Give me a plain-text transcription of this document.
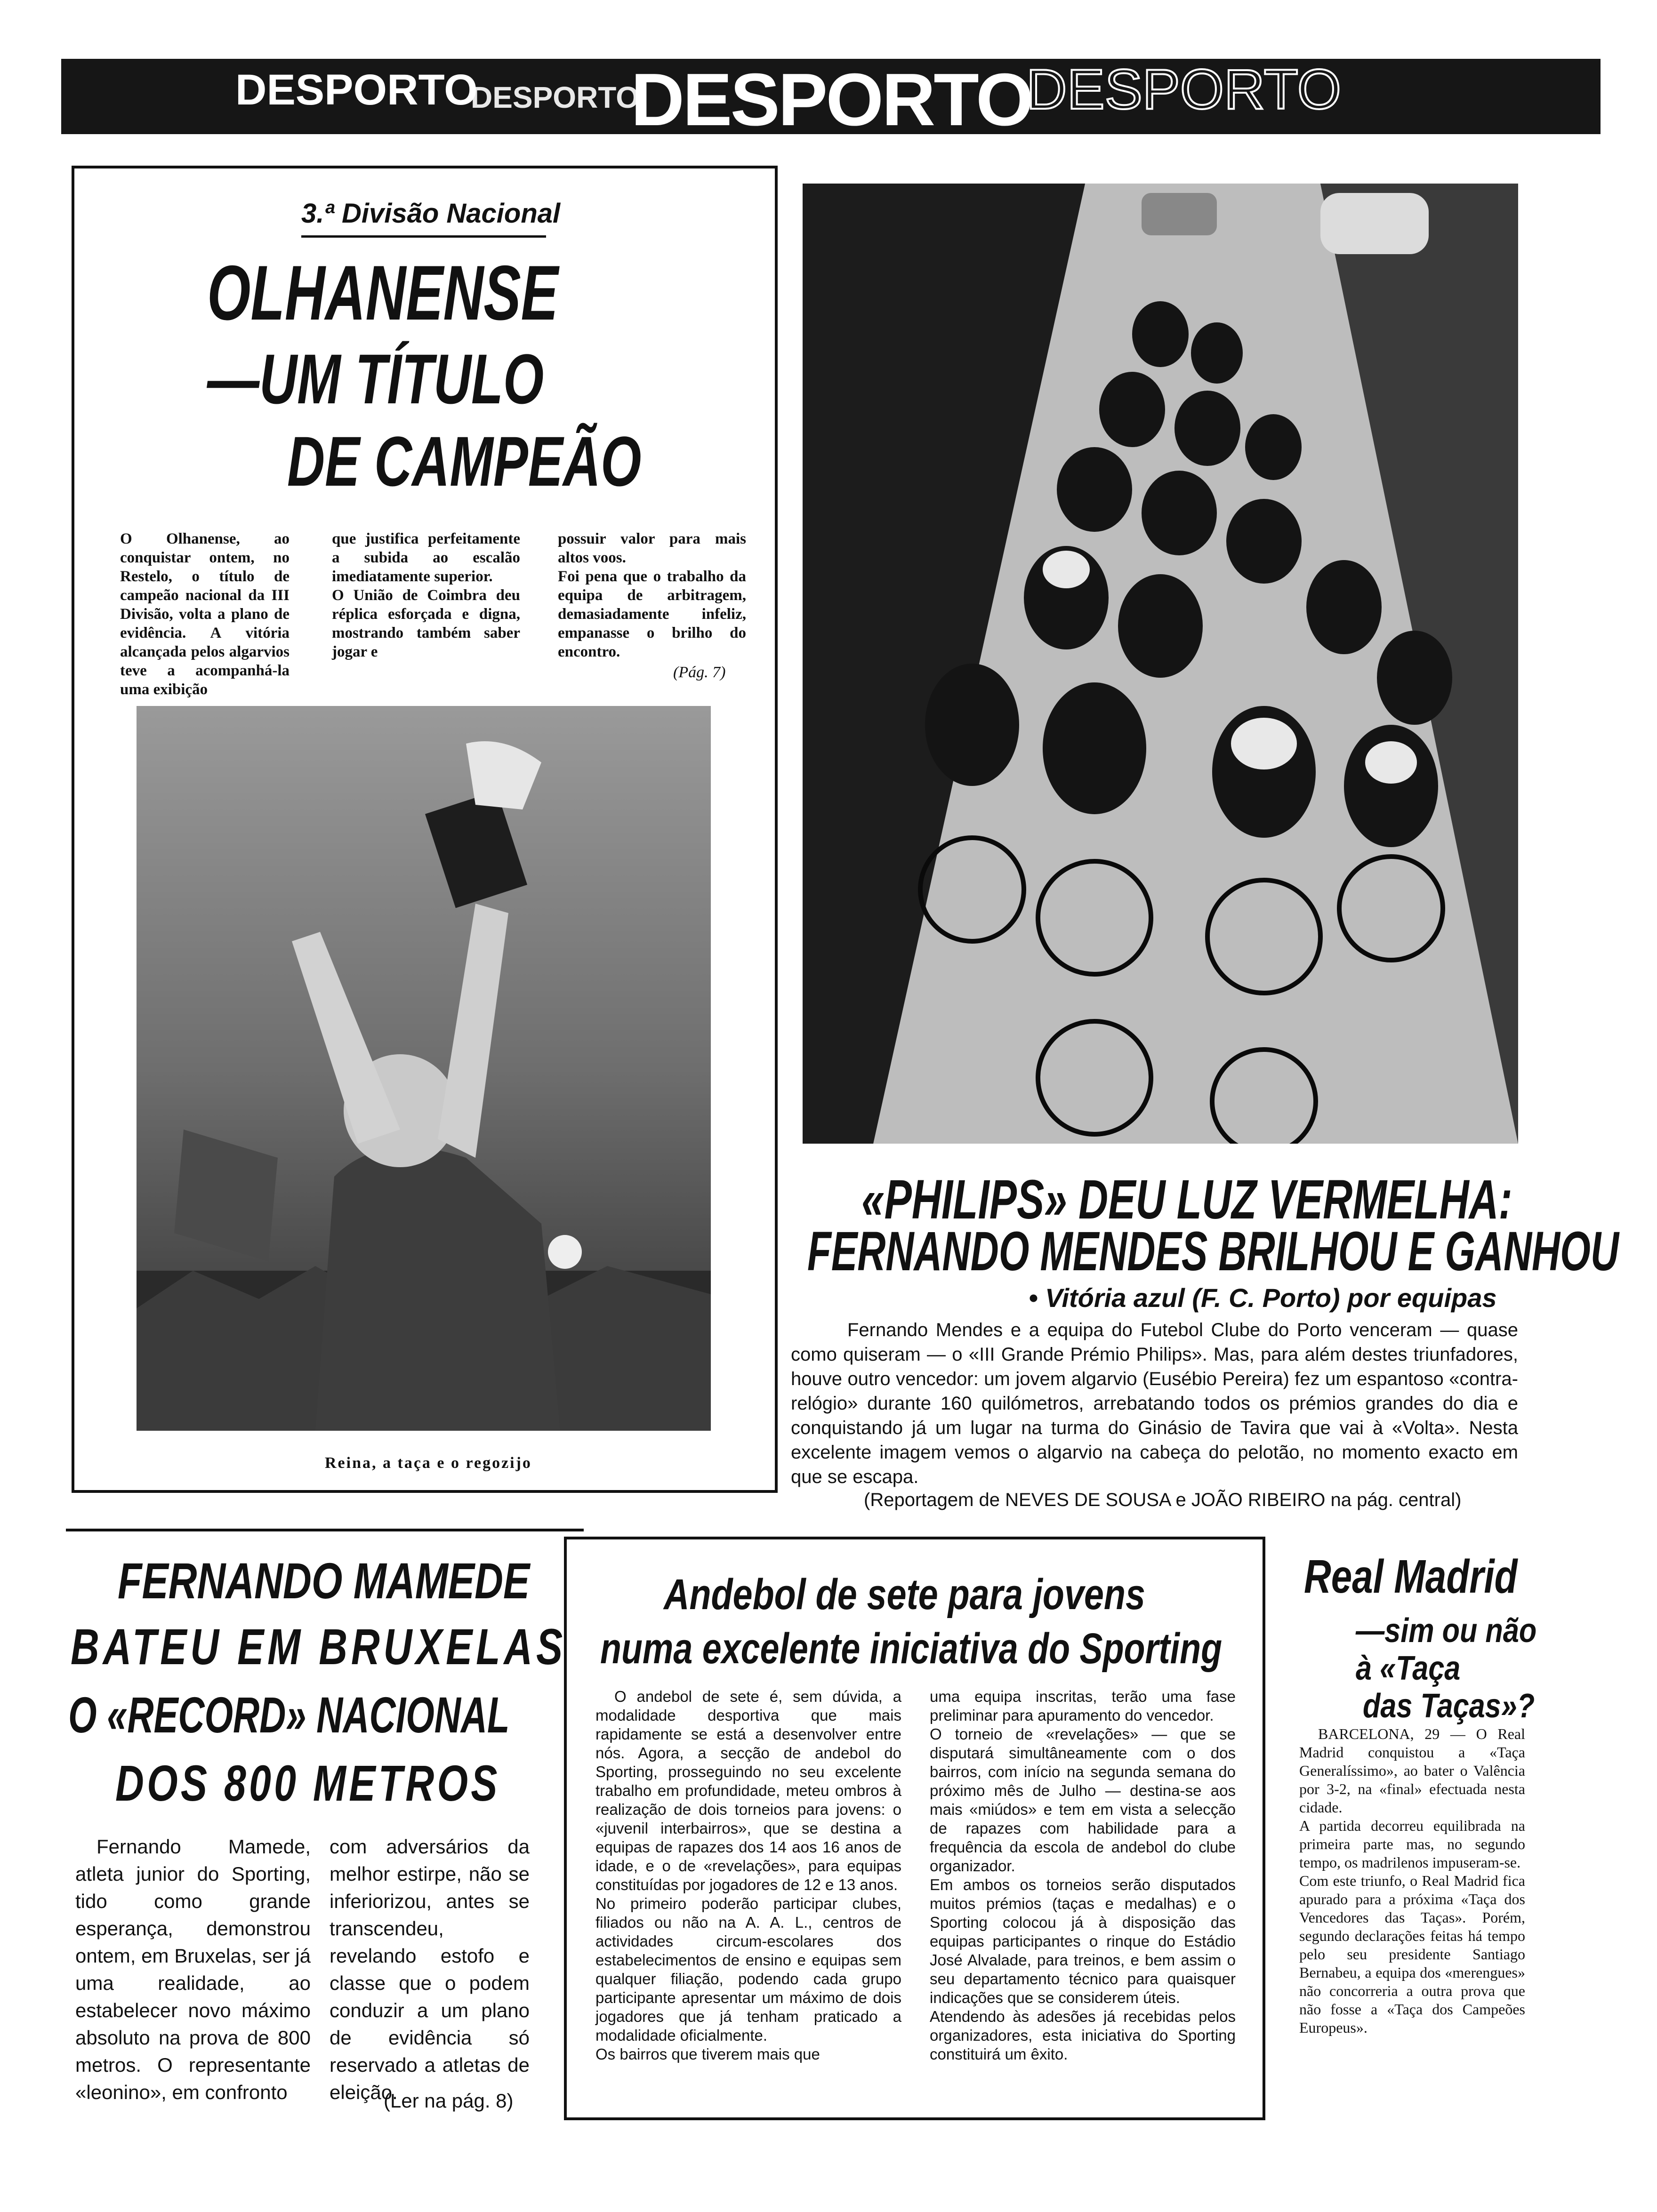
DESPORTO
DESPORTO
DESPORTO
DESPORTO
3.ª Divisão Nacional
OLHANENSE
—UM TÍTULO
DE CAMPEÃO
O Olhanense, ao conquistar ontem, no Restelo, o título de campeão nacional da III Divisão, volta a plano de evidência. A vitória alcançada pelos algarvios teve a acompanhá-la uma exibição
que justifica perfeitamente a subida ao escalão imediatamente superior.
O União de Coimbra deu réplica esforçada e digna, mostrando também saber jogar e
possuir valor para mais altos voos.
Foi pena que o trabalho da equipa de arbitragem, demasiadamente infeliz, empanasse o brilho do encontro.
(Pág. 7)
Reina, a taça e o regozijo
«PHILIPS» DEU LUZ VERMELHA:
FERNANDO MENDES BRILHOU E GANHOU
• Vitória azul (F. C. Porto) por equipas
Fernando Mendes e a equipa do Futebol Clube do Porto venceram — quase como quiseram — o «III Grande Prémio Philips». Mas, para além destes triunfadores, houve outro vencedor: um jovem algarvio (Eusébio Pereira) fez um espantoso «contra-relógio» durante 160 quilómetros, arrebatando todos os prémios grandes do dia e conquistando já um lugar na turma do Ginásio de Tavira que vai à «Volta». Nesta excelente imagem vemos o algarvio na cabeça do pelotão, no momento exacto em que se escapa.
(Reportagem de NEVES DE SOUSA e JOÃO RIBEIRO na pág. central)
FERNANDO MAMEDE
BATEU EM BRUXELAS
O «RECORD» NACIONAL
DOS 800 METROS
Fernando Mamede, atleta junior do Sporting, tido como grande esperança, demonstrou ontem, em Bruxelas, ser já uma realidade, ao estabelecer novo máximo absoluto na prova de 800 metros. O representante «leonino», em confronto
com adversários da melhor estirpe, não se inferiorizou, antes se transcendeu, revelando estofo e classe que o podem conduzir a um plano de evidência só reservado a atletas de eleição.
(Ler na pág. 8)
Andebol de sete para jovens
numa excelente iniciativa do Sporting
O andebol de sete é, sem dúvida, a modalidade desportiva que mais rapidamente se está a desenvolver entre nós. Agora, a secção de andebol do Sporting, prosseguindo no seu excelente trabalho em profundidade, meteu ombros à realização de dois torneios para jovens: o «juvenil interbairros», que se destina a equipas de rapazes dos 14 aos 16 anos de idade, e o de «revelações», para equipas constituídas por jogadores de 12 e 13 anos.
No primeiro poderão participar clubes, filiados ou não na A. A. L., centros de actividades circum-escolares dos estabelecimentos de ensino e equipas sem qualquer filiação, podendo cada grupo participante apresentar um máximo de dois jogadores que já tenham praticado a modalidade oficialmente.
Os bairros que tiverem mais que
uma equipa inscritas, terão uma fase preliminar para apuramento do vencedor.
O torneio de «revelações» — que se disputará simultâneamente com o dos bairros, com início na segunda semana do próximo mês de Julho — destina-se aos mais «miúdos» e tem em vista a selecção de rapazes com habilidade para a frequência da escola de andebol do clube organizador.
Em ambos os torneios serão disputados muitos prémios (taças e medalhas) e o Sporting colocou já à disposição das equipas participantes o rinque do Estádio José Alvalade, para treinos, e bem assim o seu departamento técnico para quaisquer indicações que se considerem úteis.
Atendendo às adesões já recebidas pelos organizadores, esta iniciativa do Sporting constituirá um êxito.
Real Madrid
—sim ou não
à «Taça
das Taças»?
BARCELONA, 29 — O Real Madrid conquistou a «Taça Generalíssimo», ao bater o Valência por 3-2, na «final» efectuada nesta cidade.
A partida decorreu equilibrada na primeira parte mas, no segundo tempo, os madrilenos impuseram-se.
Com este triunfo, o Real Madrid fica apurado para a próxima «Taça dos Vencedores das Taças». Porém, segundo declarações feitas há tempo pelo seu presidente Santiago Bernabeu, a equipa dos «merengues» não concorreria a outra prova que não fosse a «Taça dos Campeões Europeus».
